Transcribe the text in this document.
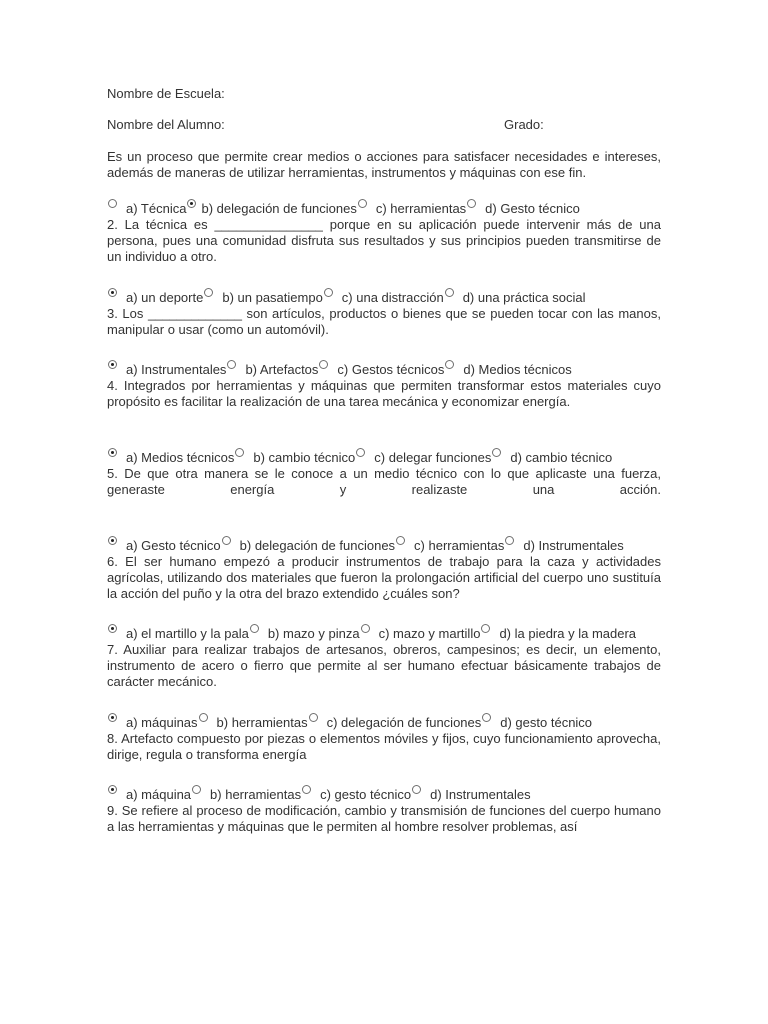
Nombre de Escuela:
Nombre del Alumno:	Grado:
Es un proceso que permite crear medios o acciones para satisfacer necesidades e intereses, además de maneras de utilizar herramientas, instrumentos y máquinas con ese fin.
a) Técnica b) delegación de funciones c) herramientas d) Gesto técnico
2. La técnica es _______________ porque en su aplicación puede intervenir más de una persona, pues una comunidad disfruta sus resultados y sus principios pueden transmitirse de un individuo a otro.
a) un deporte b) un pasatiempo c) una distracción d) una práctica social
3. Los _____________ son artículos, productos o bienes que se pueden tocar con las manos, manipular o usar (como un automóvil).
a) Instrumentales b) Artefactos c) Gestos técnicos d) Medios técnicos
4. Integrados por herramientas y máquinas que permiten transformar estos materiales cuyo propósito es facilitar la realización de una tarea mecánica y economizar energía.
a) Medios técnicos b) cambio técnico c) delegar funciones d) cambio técnico
5. De que otra manera se le conoce a un medio técnico con lo que aplicaste una fuerza, generaste energía y realizaste una acción.
a) Gesto técnico b) delegación de funciones c) herramientas d) Instrumentales
6. El ser humano empezó a producir instrumentos de trabajo para la caza y actividades agrícolas, utilizando dos materiales que fueron la prolongación artificial del cuerpo uno sustituía la acción del puño y la otra del brazo extendido ¿cuáles son?
a) el martillo y la pala b) mazo y pinza c) mazo y martillo d) la piedra y la madera
7. Auxiliar para realizar trabajos de artesanos, obreros, campesinos; es decir, un elemento, instrumento de acero o fierro que permite al ser humano efectuar básicamente trabajos de carácter mecánico.
a) máquinas b) herramientas c) delegación de funciones d) gesto técnico
8. Artefacto compuesto por piezas o elementos móviles y fijos, cuyo funcionamiento aprovecha, dirige, regula o transforma energía
a) máquina b) herramientas c) gesto técnico d) Instrumentales
9. Se refiere al proceso de modificación, cambio y transmisión de funciones del cuerpo humano a las herramientas y máquinas que le permiten al hombre resolver problemas, así
